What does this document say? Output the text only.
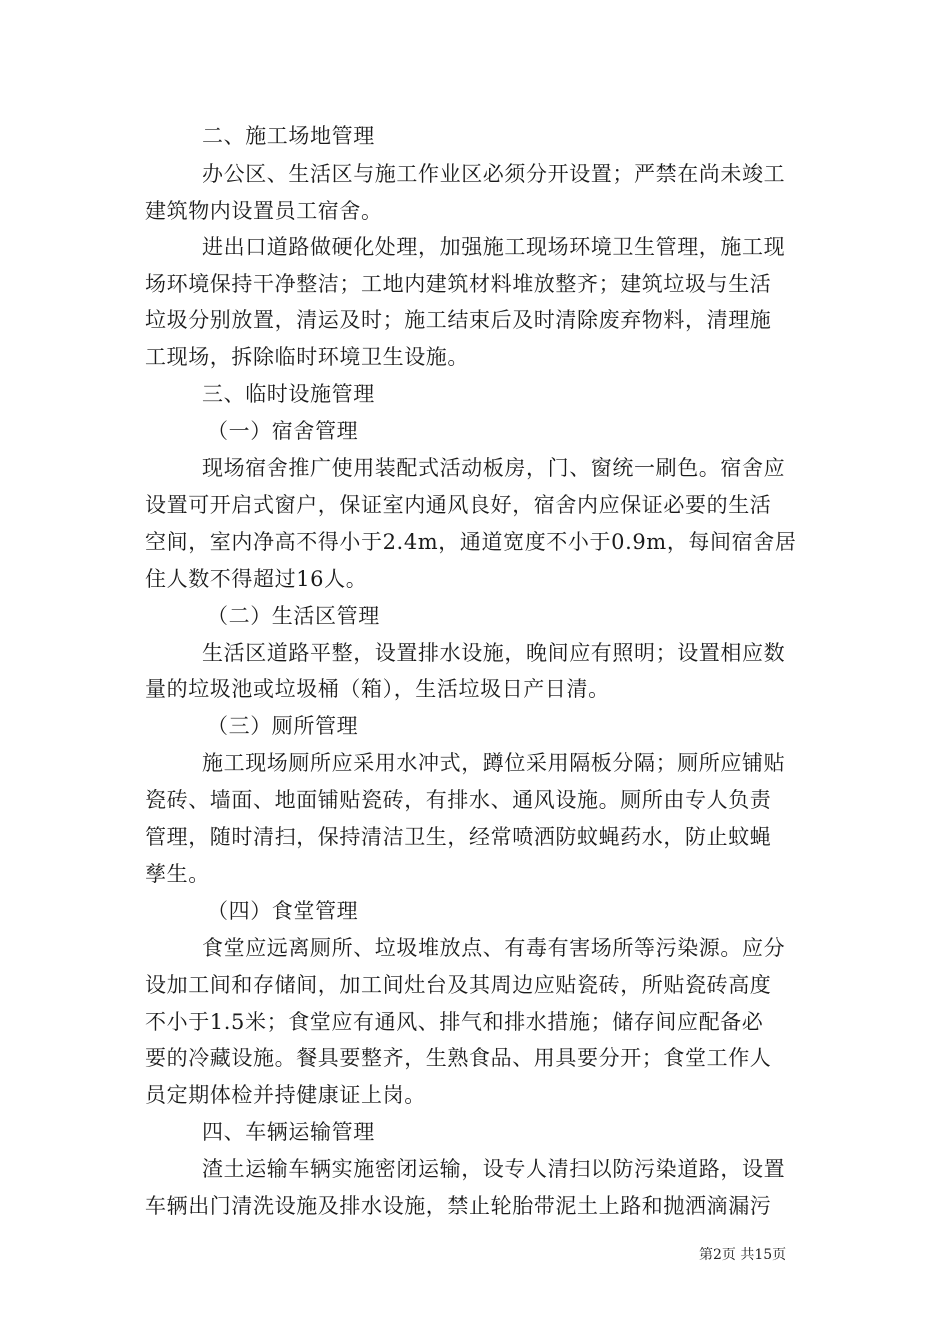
二、施工场地管理
办公区、生活区与施工作业区必须分开设置；严禁在尚未竣工
建筑物内设置员工宿舍。
进出口道路做硬化处理，加强施工现场环境卫生管理，施工现
场环境保持干净整洁；工地内建筑材料堆放整齐；建筑垃圾与生活
垃圾分别放置，清运及时；施工结束后及时清除废弃物料，清理施
工现场，拆除临时环境卫生设施。
三、临时设施管理
（一）宿舍管理
现场宿舍推广使用装配式活动板房，门、窗统一刷色。宿舍应
设置可开启式窗户，保证室内通风良好，宿舍内应保证必要的生活
空间，室内净高不得小于2.4m，通道宽度不小于0.9m，每间宿舍居
住人数不得超过16人。
（二）生活区管理
生活区道路平整，设置排水设施，晚间应有照明；设置相应数
量的垃圾池或垃圾桶（箱），生活垃圾日产日清。
（三）厕所管理
施工现场厕所应采用水冲式，蹲位采用隔板分隔；厕所应铺贴
瓷砖、墙面、地面铺贴瓷砖，有排水、通风设施。厕所由专人负责
管理，随时清扫，保持清洁卫生，经常喷洒防蚊蝇药水，防止蚊蝇
孳生。
（四）食堂管理
食堂应远离厕所、垃圾堆放点、有毒有害场所等污染源。应分
设加工间和存储间，加工间灶台及其周边应贴瓷砖，所贴瓷砖高度
不小于1.5米；食堂应有通风、排气和排水措施；储存间应配备必
要的冷藏设施。餐具要整齐，生熟食品、用具要分开；食堂工作人
员定期体检并持健康证上岗。
四、车辆运输管理
渣土运输车辆实施密闭运输，设专人清扫以防污染道路，设置
车辆出门清洗设施及排水设施，禁止轮胎带泥土上路和抛洒滴漏污
第2页 共15页
